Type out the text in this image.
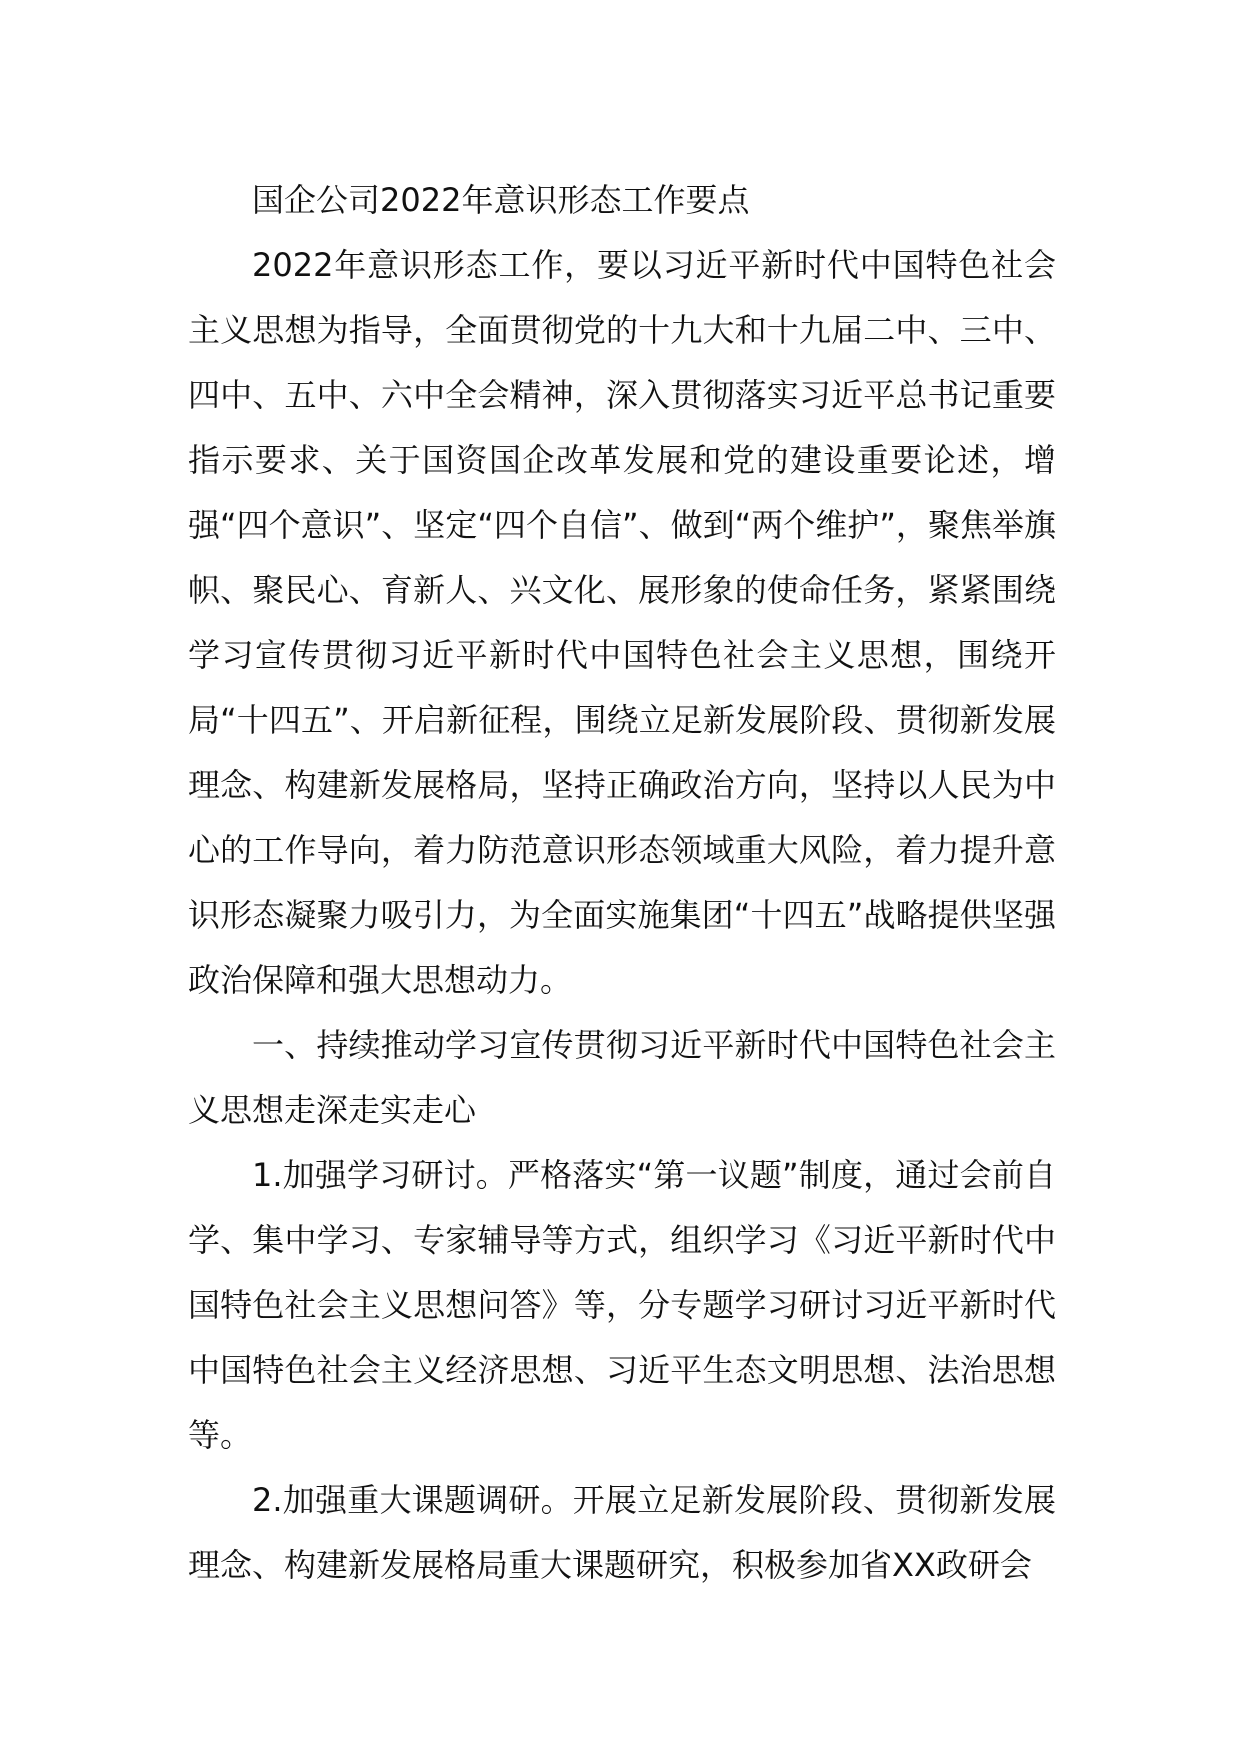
国企公司2022年意识形态工作要点

2022年意识形态工作，要以习近平新时代中国特色社会主义思想为指导，全面贯彻党的十九大和十九届二中、三中、四中、五中、六中全会精神，深入贯彻落实习近平总书记重要指示要求、关于国资国企改革发展和党的建设重要论述，增强“四个意识”、坚定“四个自信”、做到“两个维护”，聚焦举旗帜、聚民心、育新人、兴文化、展形象的使命任务，紧紧围绕学习宣传贯彻习近平新时代中国特色社会主义思想，围绕开局“十四五”、开启新征程，围绕立足新发展阶段、贯彻新发展理念、构建新发展格局，坚持正确政治方向，坚持以人民为中心的工作导向，着力防范意识形态领域重大风险，着力提升意识形态凝聚力吸引力，为全面实施集团“十四五”战略提供坚强政治保障和强大思想动力。

一、持续推动学习宣传贯彻习近平新时代中国特色社会主义思想走深走实走心

1.加强学习研讨。严格落实“第一议题”制度，通过会前自学、集中学习、专家辅导等方式，组织学习《习近平新时代中国特色社会主义思想问答》等，分专题学习研讨习近平新时代中国特色社会主义经济思想、习近平生态文明思想、法治思想等。

2.加强重大课题调研。开展立足新发展阶段、贯彻新发展理念、构建新发展格局重大课题研究，积极参加省XX政研会
